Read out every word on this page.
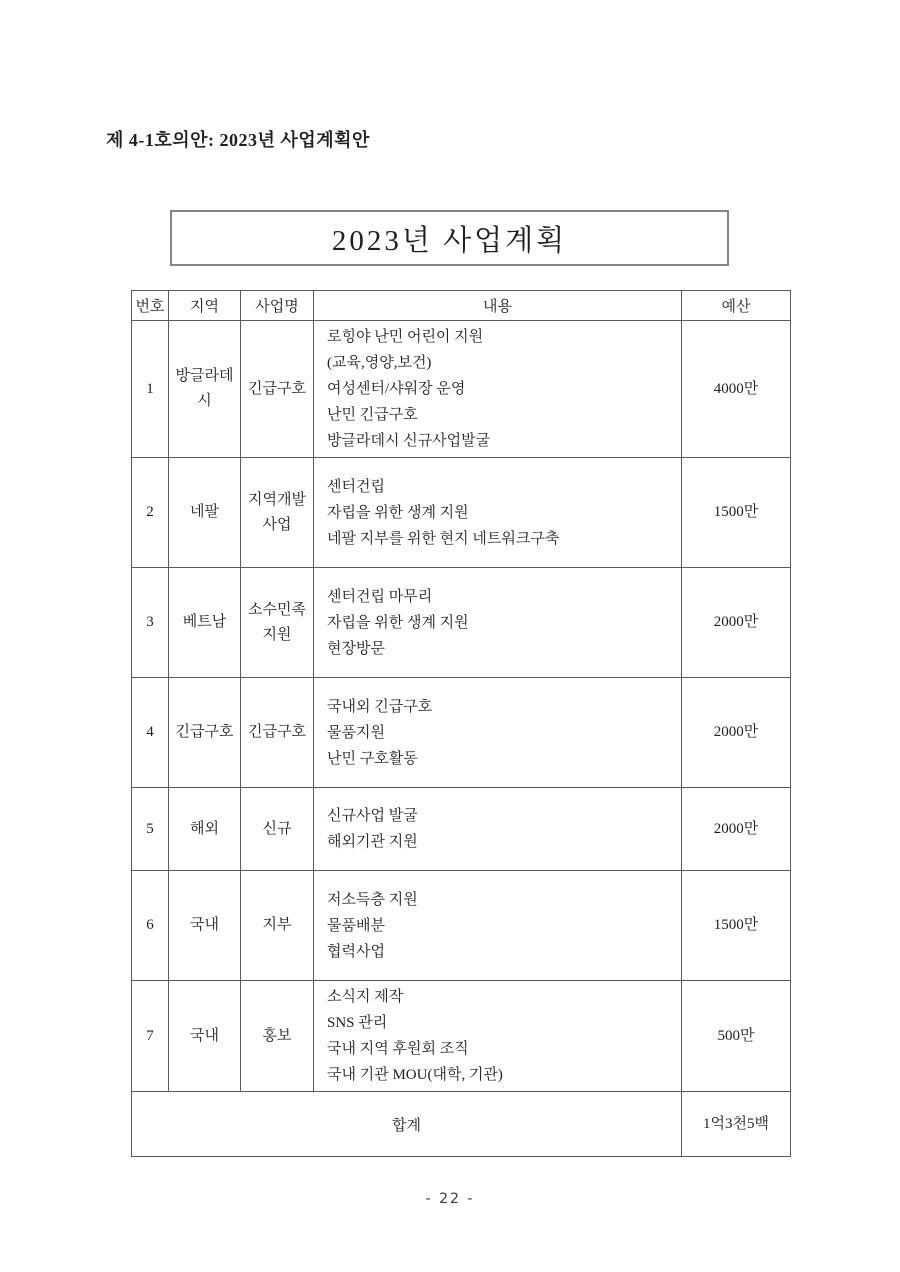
제 4-1호의안: 2023년 사업계획안
2023년 사업계획
번호	지역	사업명	내용	예산
1	방글라데시	긴급구호	로힝야 난민 어린이 지원
(교육,영양,보건)
여성센터/샤워장 운영
난민 긴급구호
방글라데시 신규사업발굴	4000만
2	네팔	지역개발 사업	센터건립
자립을 위한 생계 지원
네팔 지부를 위한 현지 네트워크구축	1500만
3	베트남	소수민족 지원	센터건립 마무리
자립을 위한 생계 지원
현장방문	2000만
4	긴급구호	긴급구호	국내외 긴급구호
물품지원
난민 구호활동	2000만
5	해외	신규	신규사업 발굴
해외기관 지원	2000만
6	국내	지부	저소득층 지원
물품배분
협력사업	1500만
7	국내	홍보	소식지 제작
SNS 관리
국내 지역 후원회 조직
국내 기관 MOU(대학, 기관)	500만
합계				1억3천5백
- 22 -
